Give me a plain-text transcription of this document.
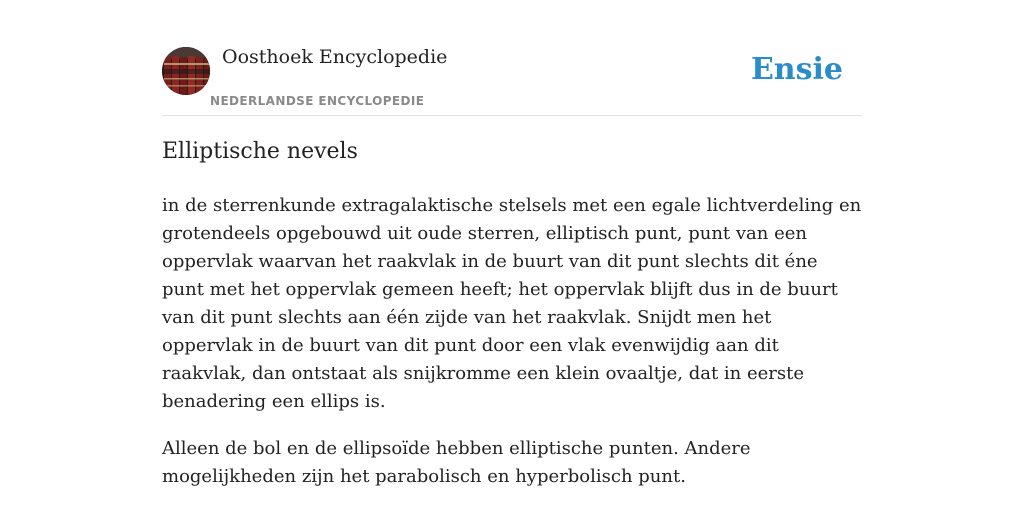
Oosthoek Encyclopedie
NEDERLANDSE ENCYCLOPEDIE
Ensie
Elliptische nevels

in de sterrenkunde extragalaktische stelsels met een egale lichtverdeling en grotendeels opgebouwd uit oude sterren, elliptisch punt, punt van een oppervlak waarvan het raakvlak in de buurt van dit punt slechts dit éne punt met het oppervlak gemeen heeft; het oppervlak blijft dus in de buurt van dit punt slechts aan één zijde van het raakvlak. Snijdt men het oppervlak in de buurt van dit punt door een vlak evenwijdig aan dit raakvlak, dan ontstaat als snijkromme een klein ovaaltje, dat in eerste benadering een ellips is.

Alleen de bol en de ellipsoïde hebben elliptische punten. Andere mogelijkheden zijn het parabolisch en hyperbolisch punt.
